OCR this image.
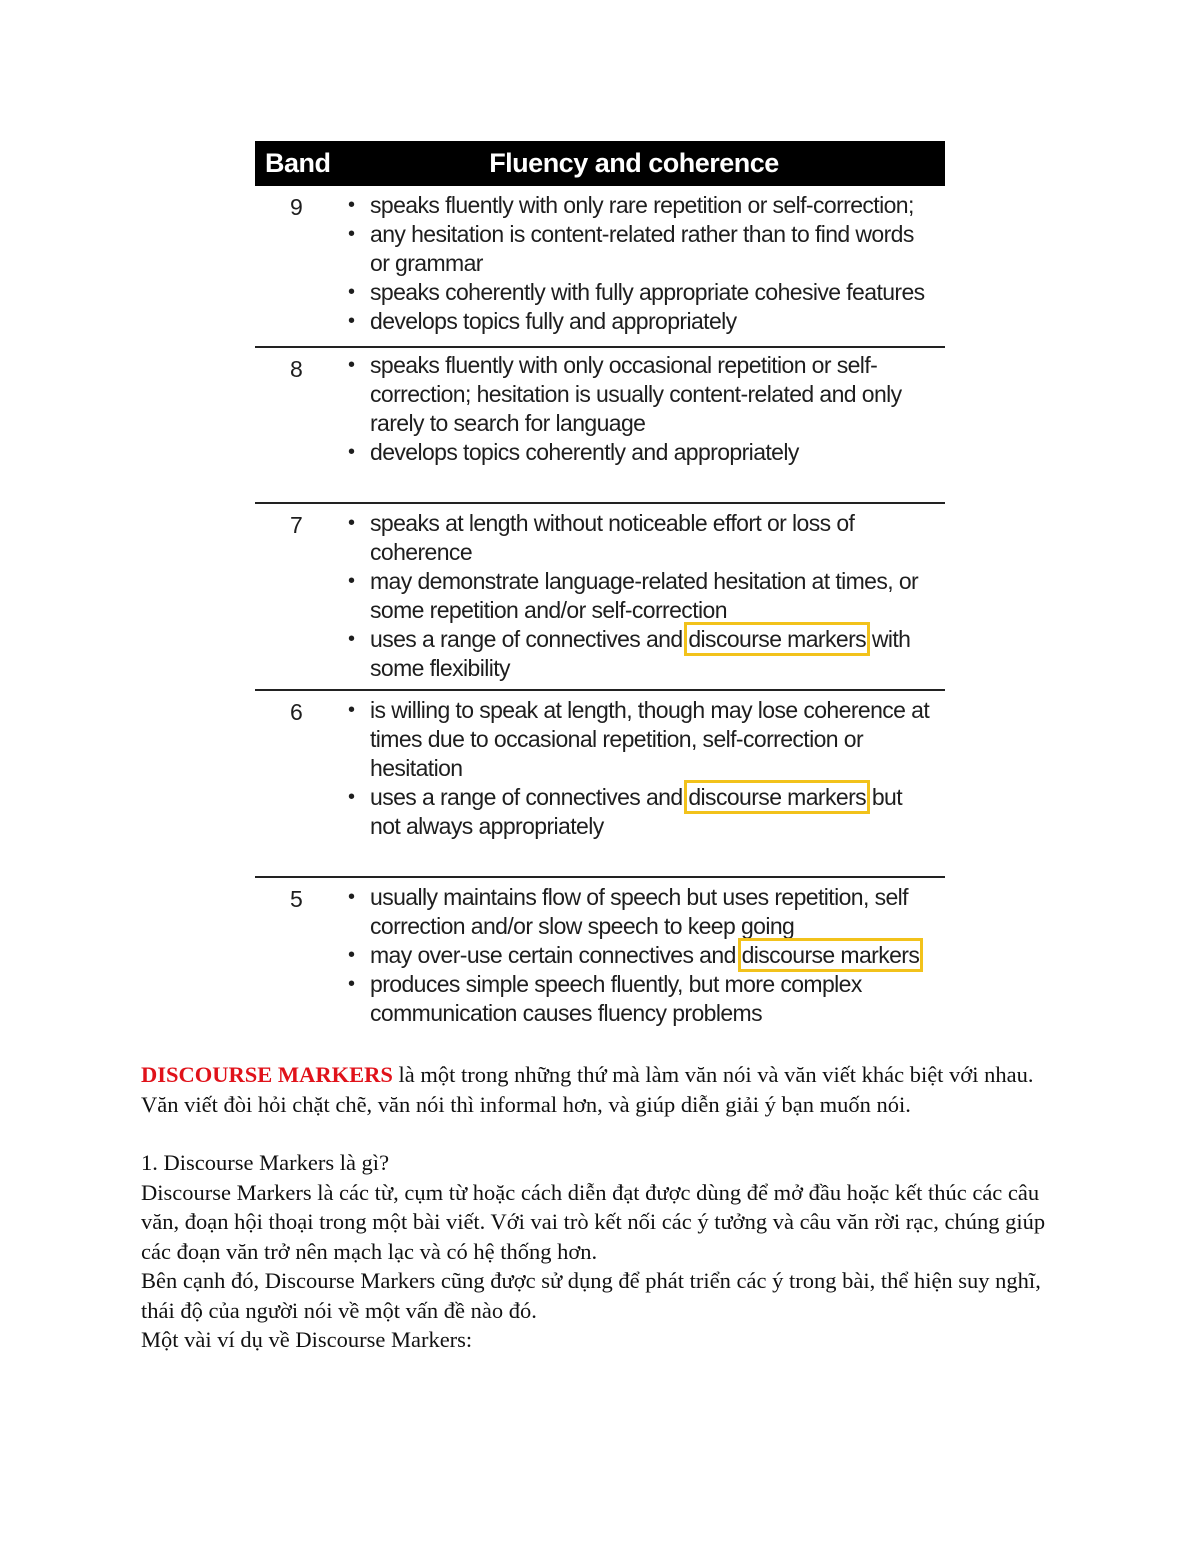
Band	Fluency and coherence
9	• speaks fluently with only rare repetition or self-correction;
• any hesitation is content-related rather than to find words or grammar
• speaks coherently with fully appropriate cohesive features
• develops topics fully and appropriately
8	• speaks fluently with only occasional repetition or self-correction; hesitation is usually content-related and only rarely to search for language
• develops topics coherently and appropriately
7	• speaks at length without noticeable effort or loss of coherence
• may demonstrate language-related hesitation at times, or some repetition and/or self-correction
• uses a range of connectives and discourse markers with some flexibility
6	• is willing to speak at length, though may lose coherence at times due to occasional repetition, self-correction or hesitation
• uses a range of connectives and discourse markers but not always appropriately
5	• usually maintains flow of speech but uses repetition, self correction and/or slow speech to keep going
• may over-use certain connectives and discourse markers
• produces simple speech fluently, but more complex communication causes fluency problems

DISCOURSE MARKERS là một trong những thứ mà làm văn nói và văn viết khác biệt với nhau. Văn viết đòi hỏi chặt chẽ, văn nói thì informal hơn, và giúp diễn giải ý bạn muốn nói.

1. Discourse Markers là gì?

Discourse Markers là các từ, cụm từ hoặc cách diễn đạt được dùng để mở đầu hoặc kết thúc các câu văn, đoạn hội thoại trong một bài viết. Với vai trò kết nối các ý tưởng và câu văn rời rạc, chúng giúp các đoạn văn trở nên mạch lạc và có hệ thống hơn.

Bên cạnh đó, Discourse Markers cũng được sử dụng để phát triển các ý trong bài, thể hiện suy nghĩ, thái độ của người nói về một vấn đề nào đó.

Một vài ví dụ về Discourse Markers:
